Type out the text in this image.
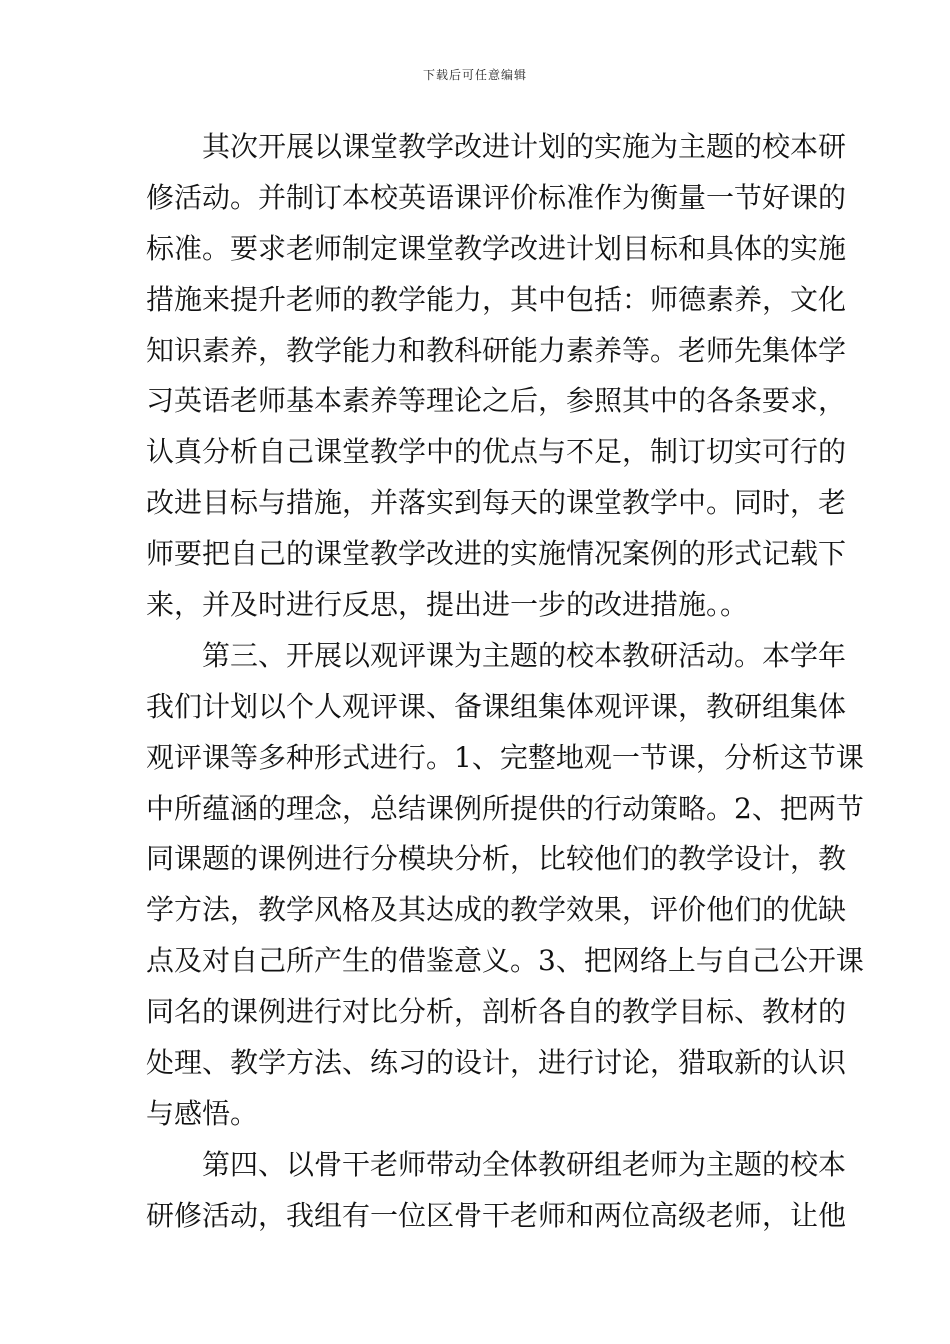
下载后可任意编辑
其次开展以课堂教学改进计划的实施为主题的校本研
修活动。并制订本校英语课评价标准作为衡量一节好课的
标准。要求老师制定课堂教学改进计划目标和具体的实施
措施来提升老师的教学能力，其中包括：师德素养，文化
知识素养，教学能力和教科研能力素养等。老师先集体学
习英语老师基本素养等理论之后，参照其中的各条要求，
认真分析自己课堂教学中的优点与不足，制订切实可行的
改进目标与措施，并落实到每天的课堂教学中。同时，老
师要把自己的课堂教学改进的实施情况案例的形式记载下
来，并及时进行反思，提出进一步的改进措施。。
第三、开展以观评课为主题的校本教研活动。本学年
我们计划以个人观评课、备课组集体观评课，教研组集体
观评课等多种形式进行。1、完整地观一节课，分析这节课
中所蕴涵的理念，总结课例所提供的行动策略。2、把两节
同课题的课例进行分模块分析，比较他们的教学设计，教
学方法，教学风格及其达成的教学效果，评价他们的优缺
点及对自己所产生的借鉴意义。3、把网络上与自己公开课
同名的课例进行对比分析，剖析各自的教学目标、教材的
处理、教学方法、练习的设计，进行讨论，猎取新的认识
与感悟。
第四、以骨干老师带动全体教研组老师为主题的校本
研修活动，我组有一位区骨干老师和两位高级老师，让他
